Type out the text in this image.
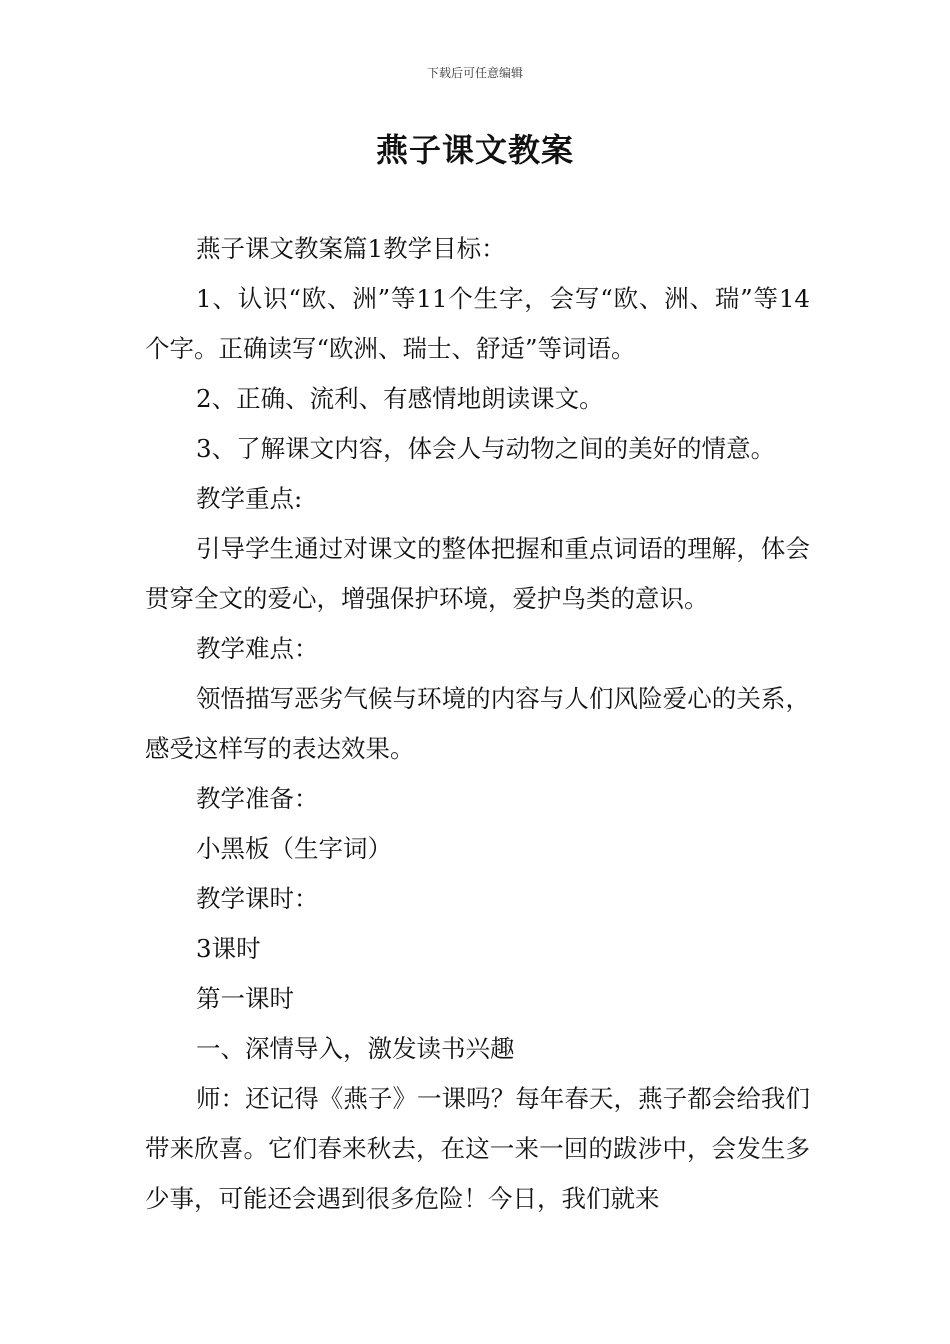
下载后可任意编辑
燕子课文教案

燕子课文教案篇1教学目标：

1、认识“欧、洲”等11个生字，会写“欧、洲、瑞”等14个字。正确读写“欧洲、瑞士、舒适”等词语。

2、正确、流利、有感情地朗读课文。

3、了解课文内容，体会人与动物之间的美好的情意。

教学重点:

引导学生通过对课文的整体把握和重点词语的理解，体会贯穿全文的爱心，增强保护环境，爱护鸟类的意识。

教学难点：

领悟描写恶劣气候与环境的内容与人们风险爱心的关系，感受这样写的表达效果。

教学准备：

小黑板（生字词）

教学课时：

3课时

第一课时

一、深情导入，激发读书兴趣

师：还记得《燕子》一课吗？每年春天，燕子都会给我们带来欣喜。它们春来秋去，在这一来一回的跋涉中，会发生多少事，可能还会遇到很多危险！今日，我们就来
